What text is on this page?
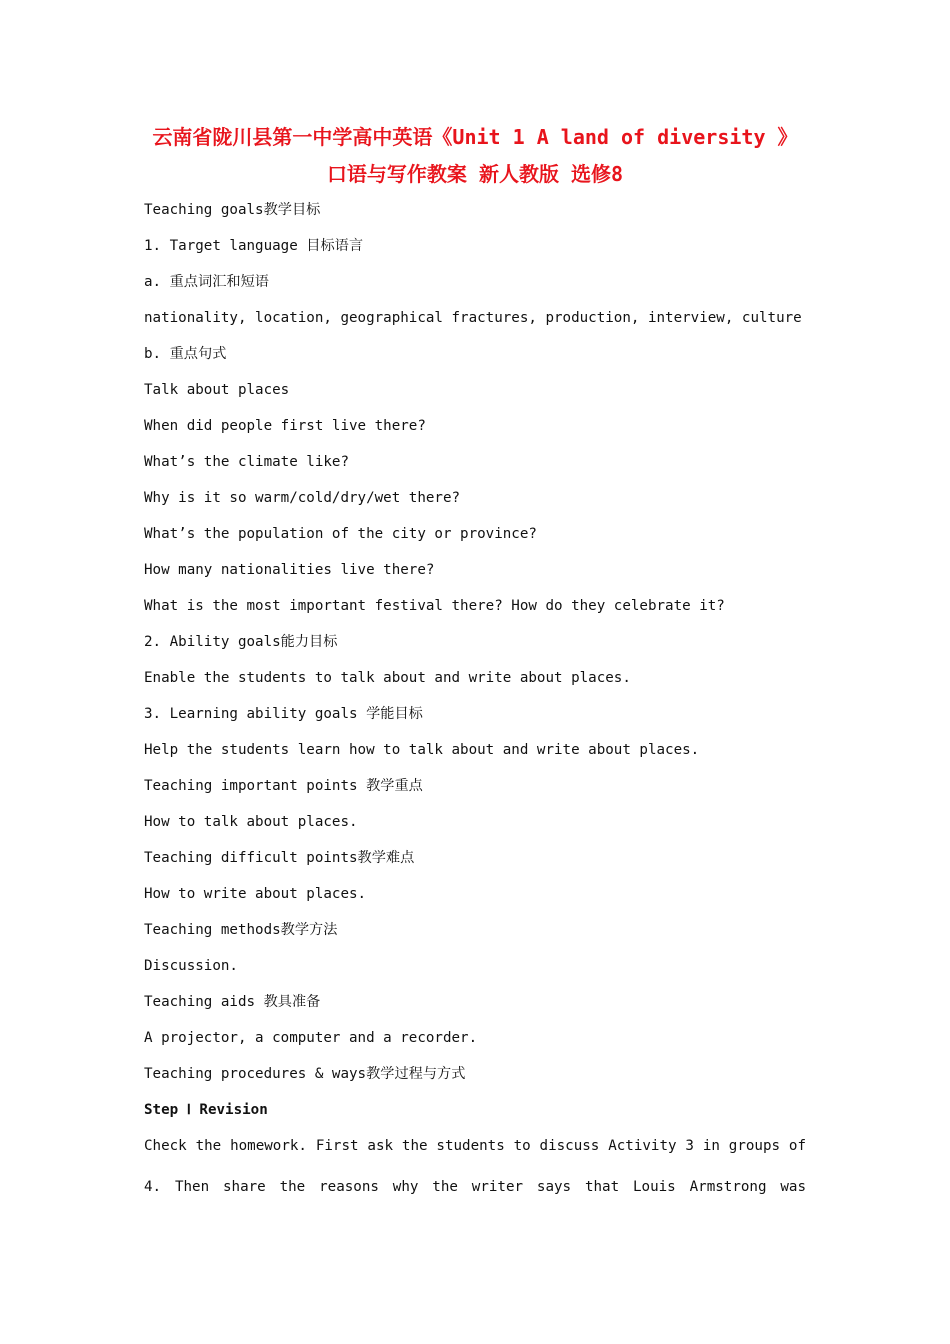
云南省陇川县第一中学高中英语《Unit 1 A land of diversity 》
口语与写作教案 新人教版 选修8
Teaching goals教学目标
1. Target language 目标语言
a. 重点词汇和短语
nationality, location, geographical fractures, production, interview, culture
b. 重点句式
Talk about places
When did people first live there?
What’s the climate like?
Why is it so warm/cold/dry/wet there?
What’s the population of the city or province?
How many nationalities live there?
What is the most important festival there? How do they celebrate it?
2. Ability goals能力目标
Enable the students to talk about and write about places.
3. Learning ability goals 学能目标
Help the students learn how to talk about and write about places.
Teaching important points 教学重点
How to talk about places.
Teaching difficult points教学难点
How to write about places.
Teaching methods教学方法
Discussion.
Teaching aids 教具准备
A projector, a computer and a recorder.
Teaching procedures & ways教学过程与方式
Step Ⅰ Revision
Check the homework. First ask the students to discuss Activity 3 in groups of
4. Then share the reasons why the writer says that Louis Armstrong was
